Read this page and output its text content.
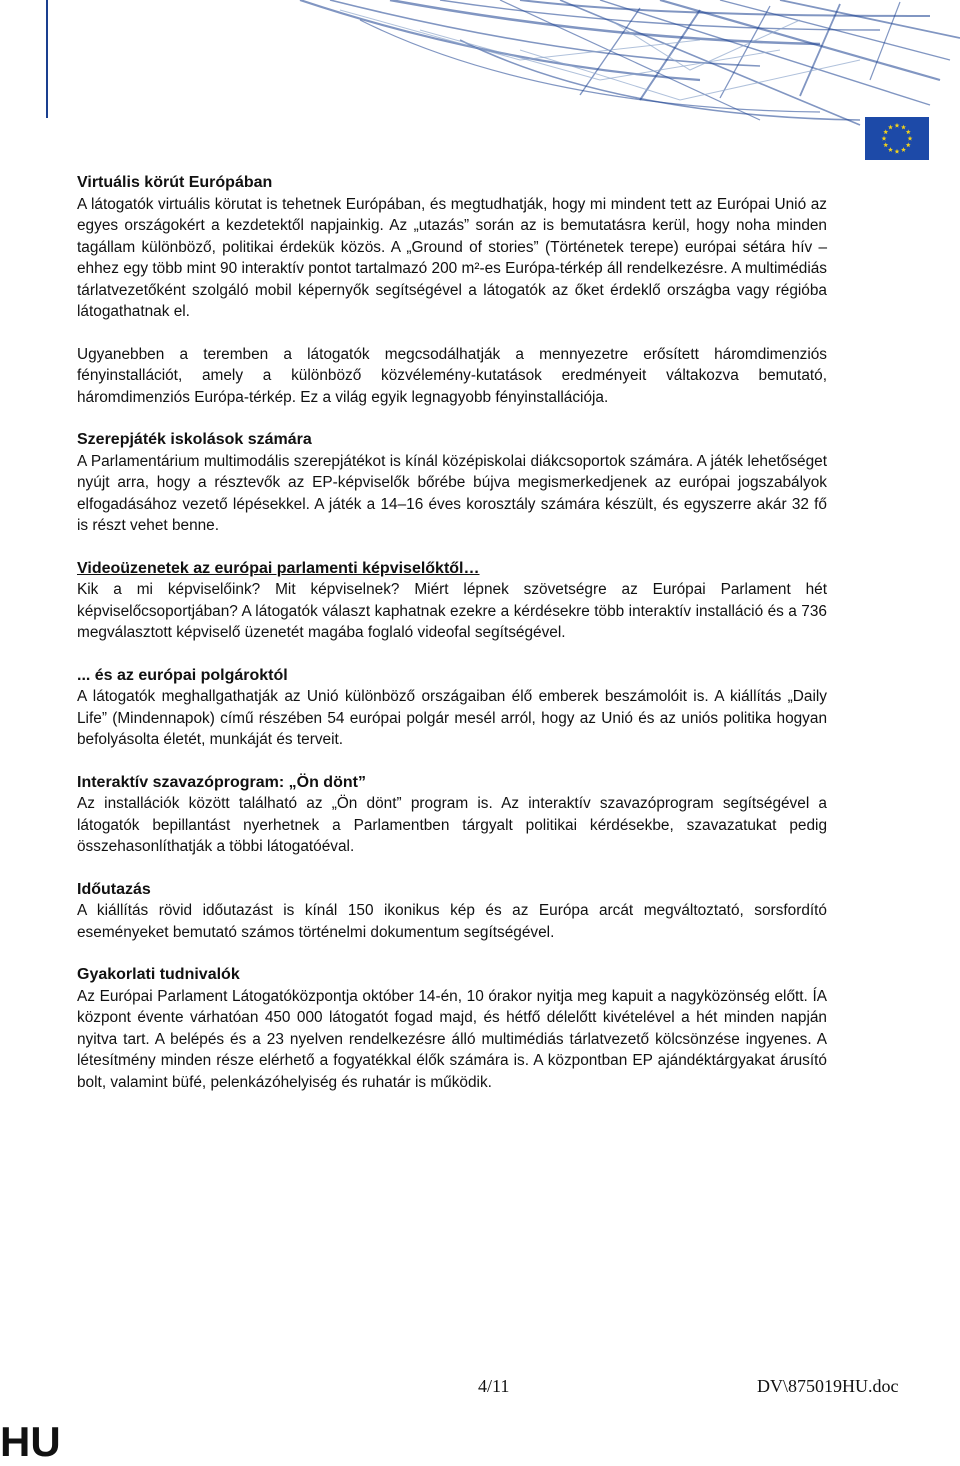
Virtuális körút Európában

A látogatók virtuális körutat is tehetnek Európában, és megtudhatják, hogy mi mindent tett az Európai Unió az egyes országokért a kezdetektől napjainkig. Az „utazás” során az is bemutatásra kerül, hogy noha minden tagállam különböző, politikai érdekük közös. A „Ground of stories” (Történetek terepe) európai sétára hív – ehhez egy több mint 90 interaktív pontot tartalmazó 200 m²-es Európa-térkép áll rendelkezésre. A multimédiás tárlatvezetőként szolgáló mobil képernyők segítségével a látogatók az őket érdeklő országba vagy régióba látogathatnak el.

Ugyanebben a teremben a látogatók megcsodálhatják a mennyezetre erősített háromdimenziós fényinstallációt, amely a különböző közvélemény-kutatások eredményeit váltakozva bemutató, háromdimenziós Európa-térkép. Ez a világ egyik legnagyobb fényinstallációja.

Szerepjáték iskolások számára

A Parlamentárium multimodális szerepjátékot is kínál középiskolai diákcsoportok számára. A játék lehetőséget nyújt arra, hogy a résztevők az EP-képviselők bőrébe bújva megismerkedjenek az európai jogszabályok elfogadásához vezető lépésekkel. A játék a 14–16 éves korosztály számára készült, és egyszerre akár 32 fő is részt vehet benne.

Videoüzenetek az európai parlamenti képviselőktől…

Kik a mi képviselőink? Mit képviselnek? Miért lépnek szövetségre az Európai Parlament hét képviselőcsoportjában? A látogatók választ kaphatnak ezekre a kérdésekre több interaktív installáció és a 736 megválasztott képviselő üzenetét magába foglaló videofal segítségével.

... és az európai polgároktól

A látogatók meghallgathatják az Unió különböző országaiban élő emberek beszámolóit is. A kiállítás „Daily Life” (Mindennapok) című részében 54 európai polgár mesél arról, hogy az Unió és az uniós politika hogyan befolyásolta életét, munkáját és terveit.

Interaktív szavazóprogram: „Ön dönt”

Az installációk között található az „Ön dönt” program is. Az interaktív szavazóprogram segítségével a látogatók bepillantást nyerhetnek a Parlamentben tárgyalt politikai kérdésekbe, szavazatukat pedig összehasonlíthatják a többi látogatóéval.

Időutazás

A kiállítás rövid időutazást is kínál 150 ikonikus kép és az Európa arcát megváltoztató, sorsfordító eseményeket bemutató számos történelmi dokumentum segítségével.

Gyakorlati tudnivalók

Az Európai Parlament Látogatóközpontja október 14-én, 10 órakor nyitja meg kapuit a nagyközönség előtt. ÍA központ évente várhatóan 450 000 látogatót fogad majd, és hétfő délelőtt kivételével a hét minden napján nyitva tart. A belépés és a 23 nyelven rendelkezésre álló multimédiás tárlatvezető kölcsönzése ingyenes. A létesítmény minden része elérhető a fogyatékkal élők számára is. A központban EP ajándéktárgyakat árusító bolt, valamint büfé, pelenkázóhelyiség és ruhatár is működik.

4/11	DV\875019HU.doc
HU
